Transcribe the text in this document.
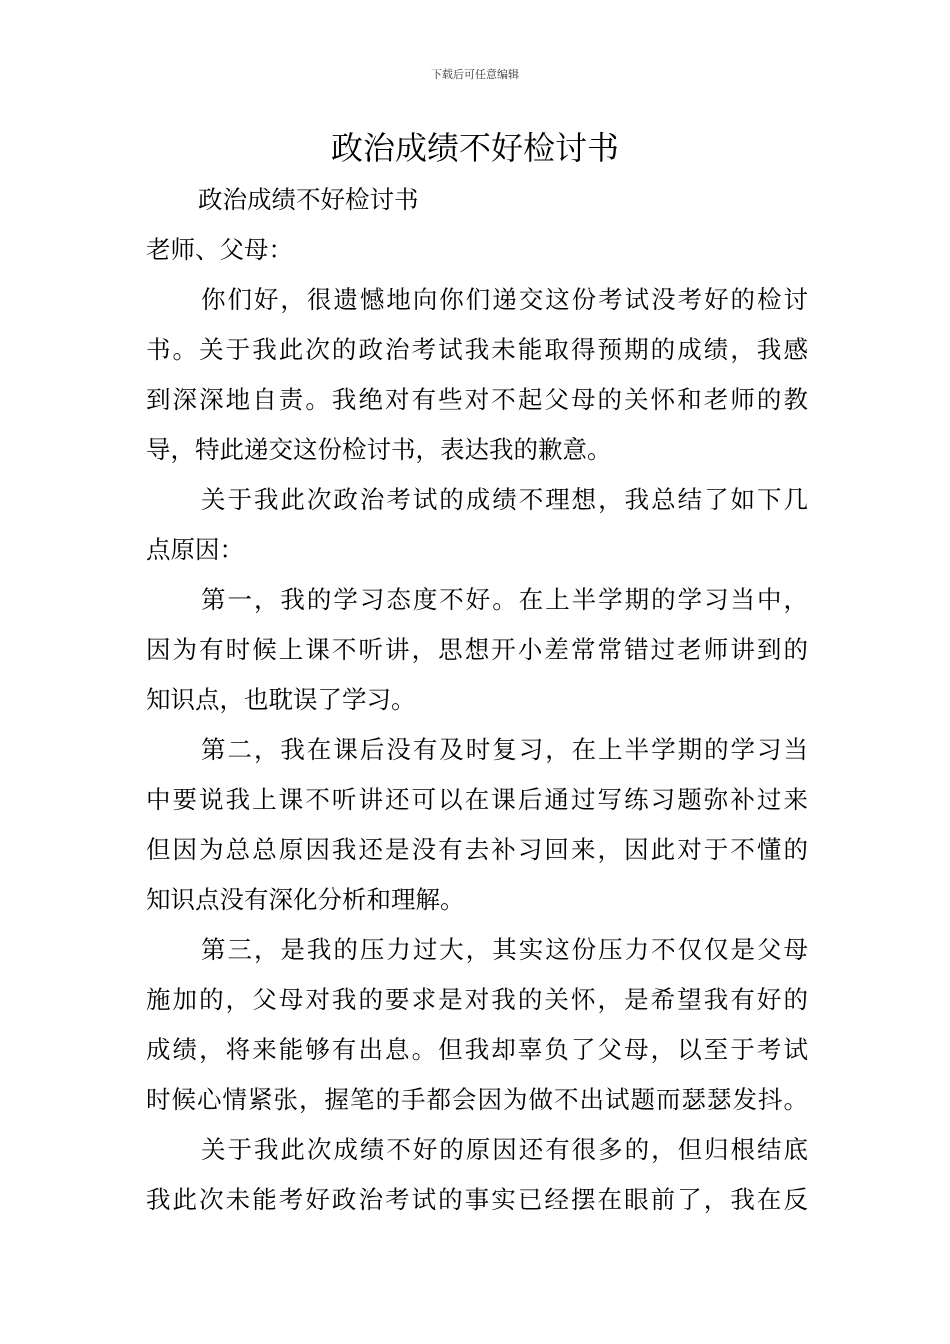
下载后可任意编辑
政治成绩不好检讨书
政治成绩不好检讨书
老师、父母：
你们好，很遗憾地向你们递交这份考试没考好的检讨
书。关于我此次的政治考试我未能取得预期的成绩，我感
到深深地自责。我绝对有些对不起父母的关怀和老师的教
导，特此递交这份检讨书，表达我的歉意。
关于我此次政治考试的成绩不理想，我总结了如下几
点原因：
第一，我的学习态度不好。在上半学期的学习当中，
因为有时候上课不听讲，思想开小差常常错过老师讲到的
知识点，也耽误了学习。
第二，我在课后没有及时复习，在上半学期的学习当
中要说我上课不听讲还可以在课后通过写练习题弥补过来
但因为总总原因我还是没有去补习回来，因此对于不懂的
知识点没有深化分析和理解。
第三，是我的压力过大，其实这份压力不仅仅是父母
施加的，父母对我的要求是对我的关怀，是希望我有好的
成绩，将来能够有出息。但我却辜负了父母，以至于考试
时候心情紧张，握笔的手都会因为做不出试题而瑟瑟发抖。
关于我此次成绩不好的原因还有很多的，但归根结底
我此次未能考好政治考试的事实已经摆在眼前了，我在反
